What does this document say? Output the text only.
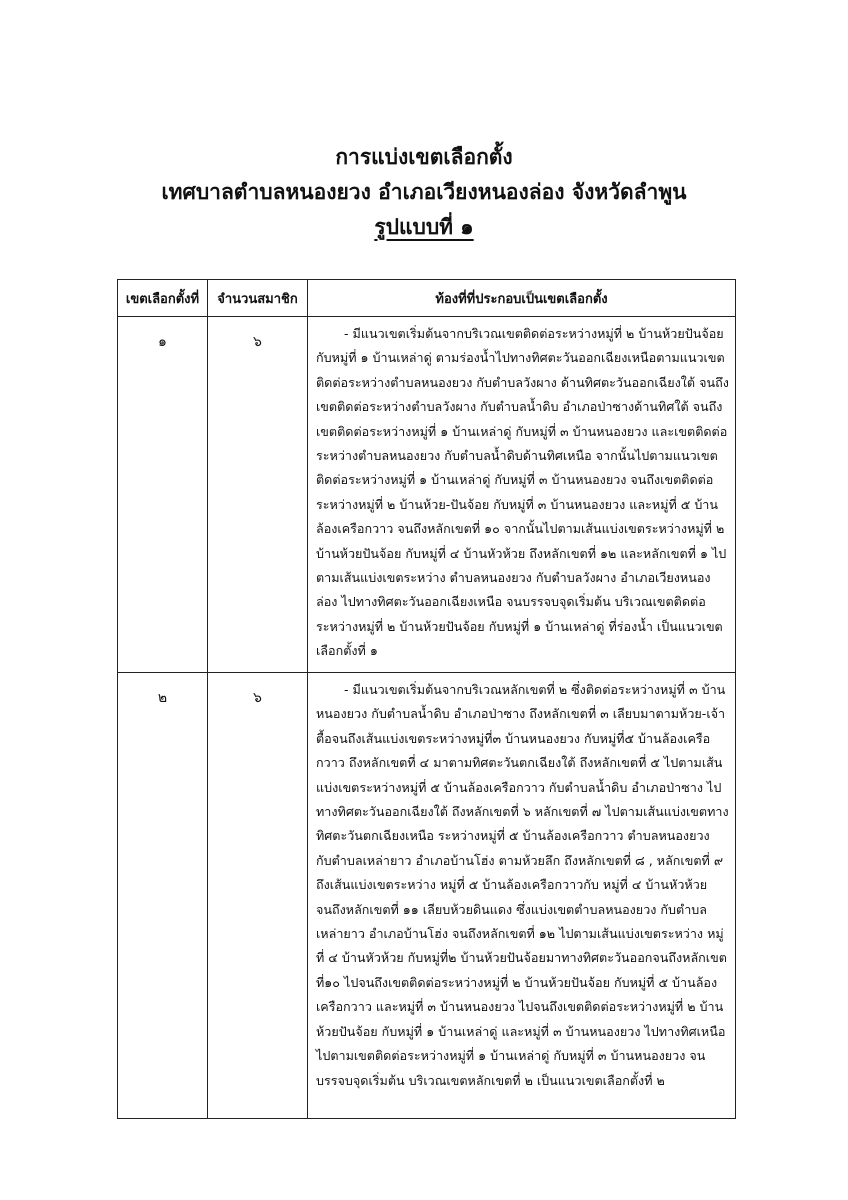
การแบ่งเขตเลือกตั้ง
เทศบาลตำบลหนองยวง อำเภอเวียงหนองล่อง จังหวัดลำพูน
รูปแบบที่ ๑
เขตเลือกตั้งที่	จำนวนสมาชิก	ท้องที่ที่ประกอบเป็นเขตเลือกตั้ง
๑	๖	- มีแนวเขตเริ่มต้นจากบริเวณเขตติดต่อระหว่างหมู่ที่ ๒ บ้านห้วยปันจ้อย กับหมู่ที่ ๑ บ้านเหล่าดู่ ตามร่องน้ำไปทางทิศตะวันออกเฉียงเหนือตามแนวเขตติดต่อระหว่างตำบลหนองยวง กับตำบลวังผาง ด้านทิศตะวันออกเฉียงใต้ จนถึงเขตติดต่อระหว่างตำบลวังผาง กับตำบลน้ำดิบ อำเภอป่าซางด้านทิศใต้ จนถึงเขตติดต่อระหว่างหมู่ที่ ๑ บ้านเหล่าดู่ กับหมู่ที่ ๓ บ้านหนองยวง และเขตติดต่อระหว่างตำบลหนองยวง กับตำบลน้ำดิบด้านทิศเหนือ จากนั้นไปตามแนวเขตติดต่อระหว่างหมู่ที่ ๑ บ้านเหล่าดู่ กับหมู่ที่ ๓ บ้านหนองยวง จนถึงเขตติดต่อระหว่างหมู่ที่ ๒ บ้านห้วย-ปันจ้อย กับหมู่ที่ ๓ บ้านหนองยวง และหมู่ที่ ๕ บ้านล้องเครือกวาว จนถึงหลักเขตที่ ๑๐ จากนั้นไปตามเส้นแบ่งเขตระหว่างหมู่ที่ ๒ บ้านห้วยปันจ้อย กับหมู่ที่ ๔ บ้านหัวห้วย ถึงหลักเขตที่ ๑๒ และหลักเขตที่ ๑ ไปตามเส้นแบ่งเขตระหว่าง ตำบลหนองยวง กับตำบลวังผาง อำเภอเวียงหนองล่อง ไปทางทิศตะวันออกเฉียงเหนือ จนบรรจบจุดเริ่มต้น บริเวณเขตติดต่อระหว่างหมู่ที่ ๒ บ้านห้วยปันจ้อย กับหมู่ที่ ๑ บ้านเหล่าดู่ ที่ร่องน้ำ เป็นแนวเขตเลือกตั้งที่ ๑

๒	๖	- มีแนวเขตเริ่มต้นจากบริเวณหลักเขตที่ ๒ ซึ่งติดต่อระหว่างหมู่ที่ ๓ บ้านหนองยวง กับตำบลน้ำดิบ อำเภอป่าซาง ถึงหลักเขตที่ ๓ เลียบมาตามห้วย-เจ้าตื้อจนถึงเส้นแบ่งเขตระหว่างหมู่ที่๓ บ้านหนองยวง กับหมู่ที่๕ บ้านล้องเครือกวาว ถึงหลักเขตที่ ๔ มาตามทิศตะวันตกเฉียงใต้ ถึงหลักเขตที่ ๕ ไปตามเส้นแบ่งเขตระหว่างหมู่ที่ ๕ บ้านล้องเครือกวาว กับตำบลน้ำดิบ อำเภอป่าซาง ไปทางทิศตะวันออกเฉียงใต้ ถึงหลักเขตที่ ๖ หลักเขตที่ ๗ ไปตามเส้นแบ่งเขตทางทิศตะวันตกเฉียงเหนือ ระหว่างหมู่ที่ ๕ บ้านล้องเครือกวาว ตำบลหนองยวง กับตำบลเหล่ายาว อำเภอบ้านโฮ่ง ตามห้วยลึก ถึงหลักเขตที่ ๘ , หลักเขตที่ ๙ ถึงเส้นแบ่งเขตระหว่าง หมู่ที่ ๕ บ้านล้องเครือกวาวกับ หมู่ที่ ๔ บ้านหัวห้วย จนถึงหลักเขตที่ ๑๑ เลียบห้วยดินแดง ซึ่งแบ่งเขตตำบลหนองยวง กับตำบลเหล่ายาว อำเภอบ้านโฮ่ง จนถึงหลักเขตที่ ๑๒ ไปตามเส้นแบ่งเขตระหว่าง หมู่ที่ ๔ บ้านหัวห้วย กับหมู่ที่๒ บ้านห้วยปันจ้อยมาทางทิศตะวันออกจนถึงหลักเขตที่๑๐ ไปจนถึงเขตติดต่อระหว่างหมู่ที่ ๒ บ้านห้วยปันจ้อย กับหมู่ที่ ๕ บ้านล้องเครือกวาว และหมู่ที่ ๓ บ้านหนองยวง ไปจนถึงเขตติดต่อระหว่างหมู่ที่ ๒ บ้านห้วยปันจ้อย กับหมู่ที่ ๑ บ้านเหล่าดู่ และหมู่ที่ ๓ บ้านหนองยวง ไปทางทิศเหนือ ไปตามเขตติดต่อระหว่างหมู่ที่ ๑ บ้านเหล่าดู่ กับหมู่ที่ ๓ บ้านหนองยวง จนบรรจบจุดเริ่มต้น บริเวณเขตหลักเขตที่ ๒ เป็นแนวเขตเลือกตั้งที่ ๒
